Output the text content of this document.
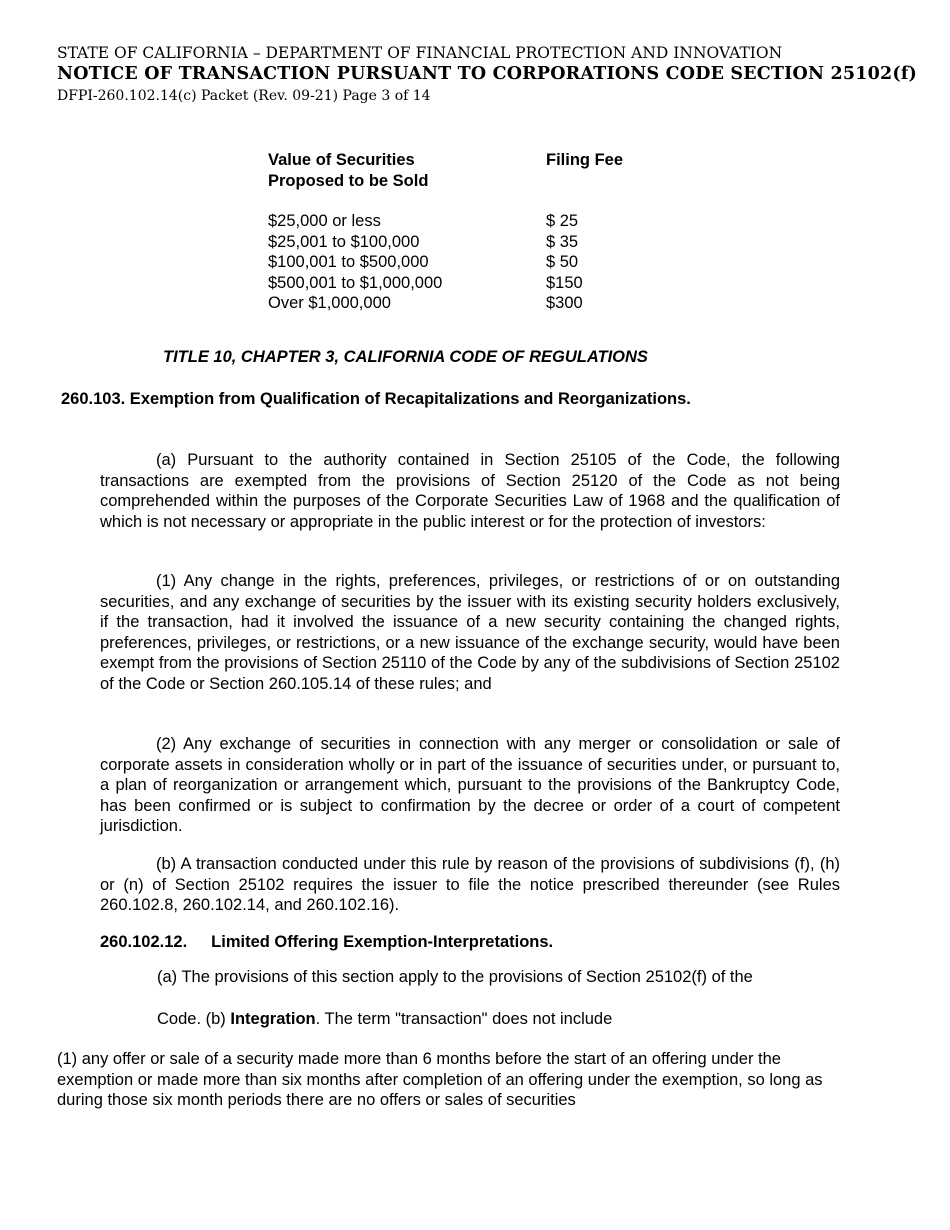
STATE OF CALIFORNIA – DEPARTMENT OF FINANCIAL PROTECTION AND INNOVATION
NOTICE OF TRANSACTION PURSUANT TO CORPORATIONS CODE SECTION 25102(f)
DFPI-260.102.14(c) Packet (Rev. 09-21) Page 3 of 14
Value of Securities	Filing Fee
Proposed to be Sold
$25,000 or less	$ 25
$25,001 to $100,000	$ 35
$100,001 to $500,000	$ 50
$500,001 to $1,000,000	$150
Over $1,000,000	$300
TITLE 10, CHAPTER 3, CALIFORNIA CODE OF REGULATIONS
260.103. Exemption from Qualification of Recapitalizations and Reorganizations.
(a) Pursuant to the authority contained in Section 25105 of the Code, the following transactions are exempted from the provisions of Section 25120 of the Code as not being comprehended within the purposes of the Corporate Securities Law of 1968 and the qualification of which is not necessary or appropriate in the public interest or for the protection of investors:
(1) Any change in the rights, preferences, privileges, or restrictions of or on outstanding securities, and any exchange of securities by the issuer with its existing security holders exclusively, if the transaction, had it involved the issuance of a new security containing the changed rights, preferences, privileges, or restrictions, or a new issuance of the exchange security, would have been exempt from the provisions of Section 25110 of the Code by any of the subdivisions of Section 25102 of the Code or Section 260.105.14 of these rules; and
(2) Any exchange of securities in connection with any merger or consolidation or sale of corporate assets in consideration wholly or in part of the issuance of securities under, or pursuant to, a plan of reorganization or arrangement which, pursuant to the provisions of the Bankruptcy Code, has been confirmed or is subject to confirmation by the decree or order of a court of competent jurisdiction.
(b) A transaction conducted under this rule by reason of the provisions of subdivisions (f), (h) or (n) of Section 25102 requires the issuer to file the notice prescribed thereunder (see Rules 260.102.8, 260.102.14, and 260.102.16).
260.102.12. Limited Offering Exemption-Interpretations.
(a) The provisions of this section apply to the provisions of Section 25102(f) of the
Code. (b) Integration. The term "transaction" does not include
(1) any offer or sale of a security made more than 6 months before the start of an offering under the exemption or made more than six months after completion of an offering under the exemption, so long as during those six month periods there are no offers or sales of securities
